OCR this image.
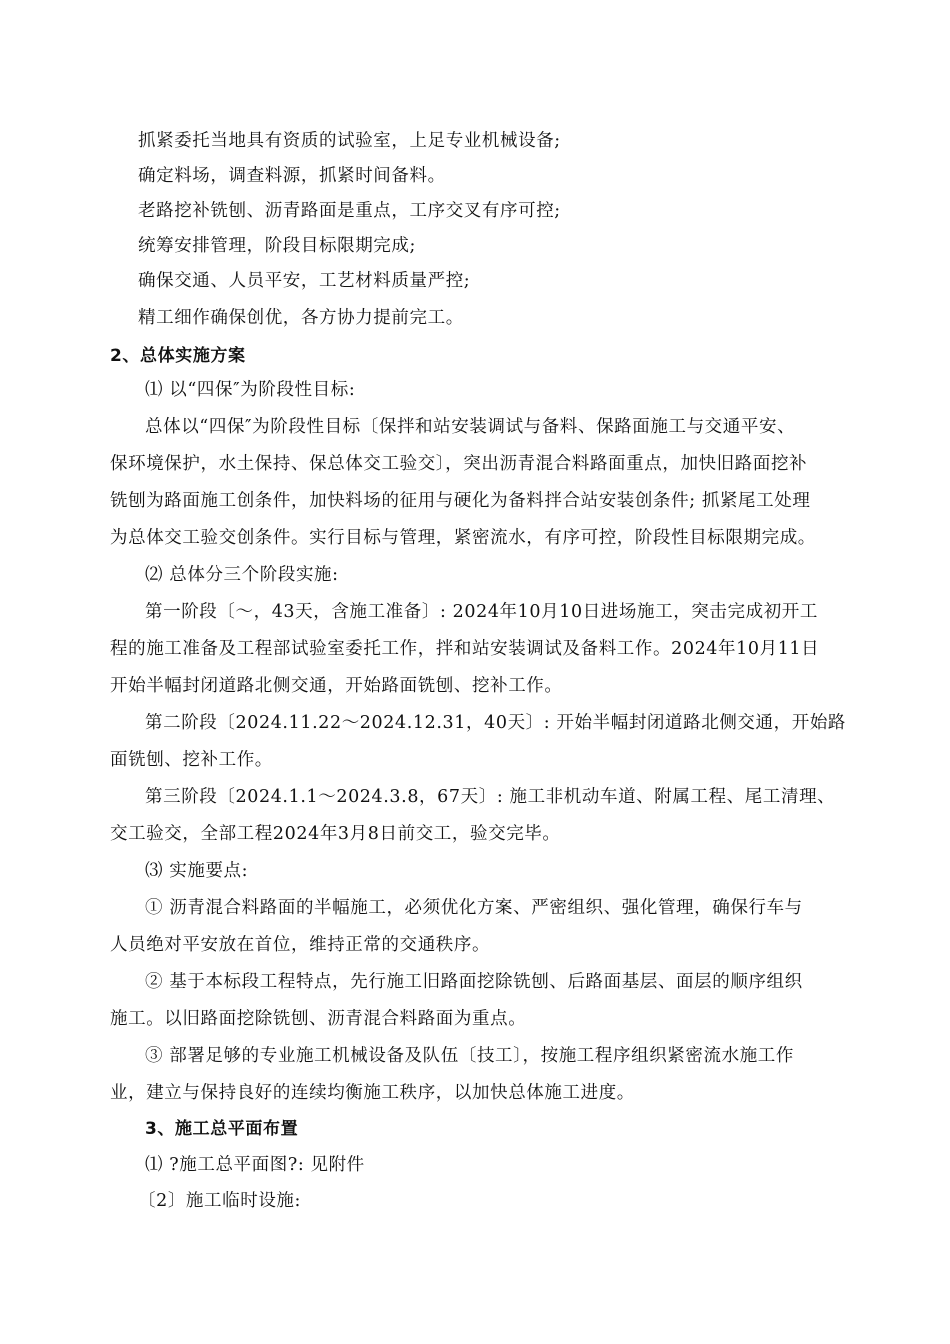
抓紧委托当地具有资质的试验室，上足专业机械设备;
确定料场，调查料源，抓紧时间备料。
老路挖补铣刨、沥青路面是重点，工序交叉有序可控;
统筹安排管理，阶段目标限期完成;
确保交通、人员平安，工艺材料质量严控;
精工细作确保创优，各方协力提前完工。
2、总体实施方案
⑴ 以“四保″为阶段性目标:
总体以“四保″为阶段性目标〔保拌和站安装调试与备料、保路面施工与交通平安、
保环境保护，水土保持、保总体交工验交〕，突出沥青混合料路面重点，加快旧路面挖补
铣刨为路面施工创条件，加快料场的征用与硬化为备料拌合站安装创条件; 抓紧尾工处理
为总体交工验交创条件。实行目标与管理，紧密流水，有序可控，阶段性目标限期完成。
⑵ 总体分三个阶段实施:
第一阶段〔～，43天，含施工准备〕: 2024年10月10日进场施工，突击完成初开工
程的施工准备及工程部试验室委托工作，拌和站安装调试及备料工作。2024年10月11日
开始半幅封闭道路北侧交通，开始路面铣刨、挖补工作。
第二阶段〔2024.11.22～2024.12.31，40天〕: 开始半幅封闭道路北侧交通，开始路
面铣刨、挖补工作。
第三阶段〔2024.1.1～2024.3.8，67天〕: 施工非机动车道、附属工程、尾工清理、
交工验交，全部工程2024年3月8日前交工，验交完毕。
⑶ 实施要点:
① 沥青混合料路面的半幅施工，必须优化方案、严密组织、强化管理，确保行车与
人员绝对平安放在首位，维持正常的交通秩序。
② 基于本标段工程特点，先行施工旧路面挖除铣刨、后路面基层、面层的顺序组织
施工。以旧路面挖除铣刨、沥青混合料路面为重点。
③ 部署足够的专业施工机械设备及队伍〔技工〕，按施工程序组织紧密流水施工作
业，建立与保持良好的连续均衡施工秩序，以加快总体施工进度。
3、施工总平面布置
⑴ ?施工总平面图?: 见附件
〔2〕施工临时设施:
